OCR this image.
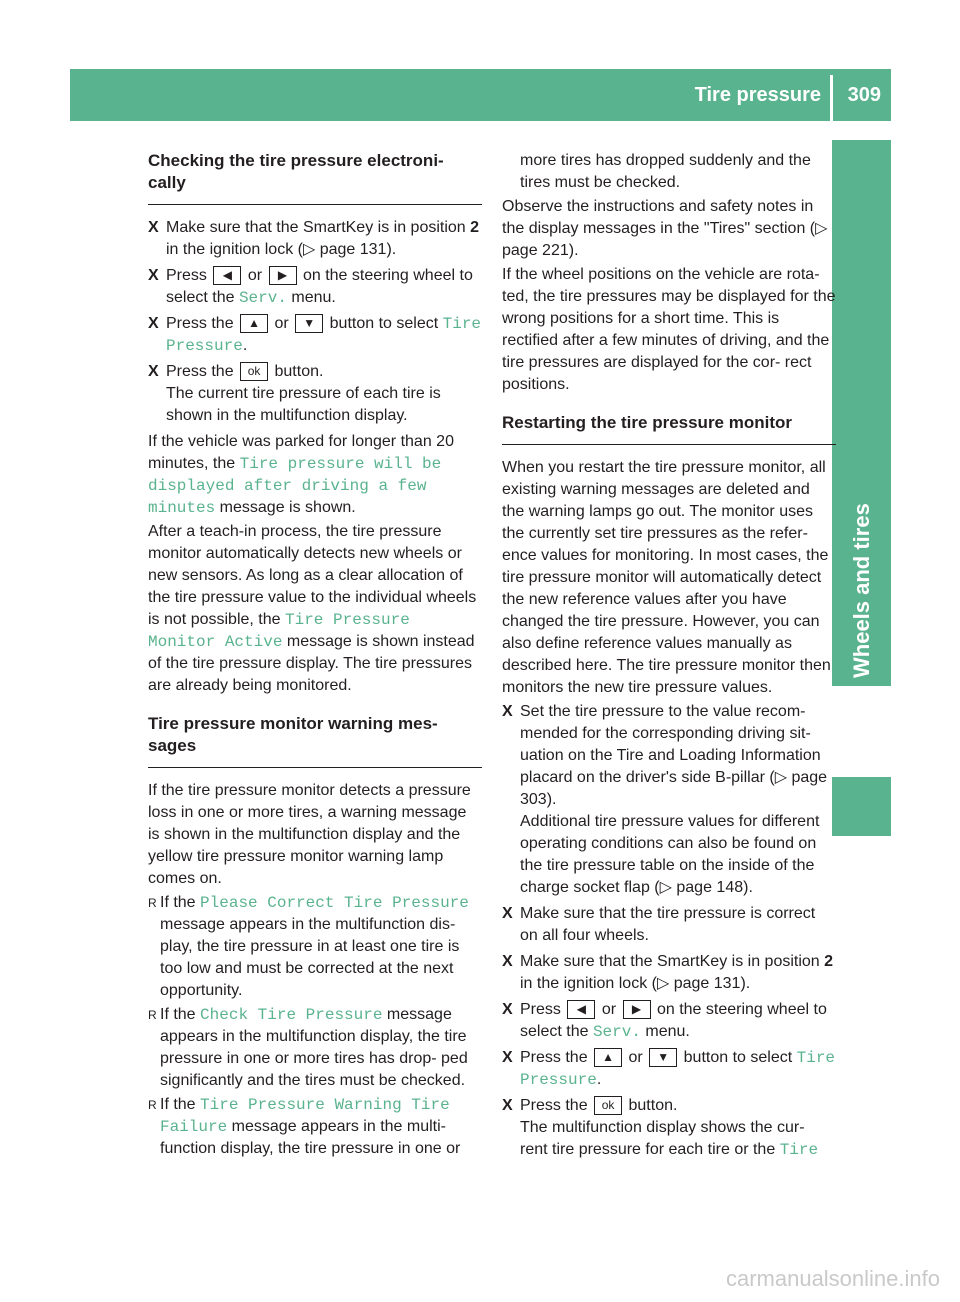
Tire pressure 309
Wheels and tires
Checking the tire pressure electroni- cally
X Make sure that the SmartKey is in position 2 in the ignition lock (▷ page 131).
X Press ◀ or ▶ on the steering wheel to select the Serv. menu.
X Press the ▲ or ▼ button to select Tire Pressure.
X Press the ok button.
The current tire pressure of each tire is shown in the multifunction display.

If the vehicle was parked for longer than 20 minutes, the Tire pressure will be displayed after driving a few minutes message is shown.

After a teach-in process, the tire pressure monitor automatically detects new wheels or new sensors. As long as a clear allocation of the tire pressure value to the individual wheels is not possible, the Tire Pressure Monitor Active message is shown instead of the tire pressure display. The tire pressures are already being monitored.

Tire pressure monitor warning mes- sages

If the tire pressure monitor detects a pressure loss in one or more tires, a warning message is shown in the multifunction display and the yellow tire pressure monitor warning lamp comes on.

R If the Please Correct Tire Pressure message appears in the multifunction dis- play, the tire pressure in at least one tire is too low and must be corrected at the next opportunity.
R If the Check Tire Pressure message appears in the multifunction display, the tire pressure in one or more tires has drop- ped significantly and the tires must be checked.
R If the Tire Pressure Warning Tire Failure message appears in the multi- function display, the tire pressure in one or
more tires has dropped suddenly and the tires must be checked.

Observe the instructions and safety notes in the display messages in the "Tires" section (▷ page 221).

If the wheel positions on the vehicle are rota- ted, the tire pressures may be displayed for the wrong positions for a short time. This is rectified after a few minutes of driving, and the tire pressures are displayed for the cor- rect positions.

Restarting the tire pressure monitor

When you restart the tire pressure monitor, all existing warning messages are deleted and the warning lamps go out. The monitor uses the currently set tire pressures as the refer- ence values for monitoring. In most cases, the tire pressure monitor will automatically detect the new reference values after you have changed the tire pressure. However, you can also define reference values manually as described here. The tire pressure monitor then monitors the new tire pressure values.

X Set the tire pressure to the value recom- mended for the corresponding driving sit- uation on the Tire and Loading Information placard on the driver's side B-pillar (▷ page 303).
Additional tire pressure values for different operating conditions can also be found on the tire pressure table on the inside of the charge socket flap (▷ page 148).
X Make sure that the tire pressure is correct on all four wheels.
X Make sure that the SmartKey is in position 2 in the ignition lock (▷ page 131).
X Press ◀ or ▶ on the steering wheel to select the Serv. menu.
X Press the ▲ or ▼ button to select Tire Pressure.
X Press the ok button.
The multifunction display shows the cur- rent tire pressure for each tire or the Tire
carmanualsonline.info
